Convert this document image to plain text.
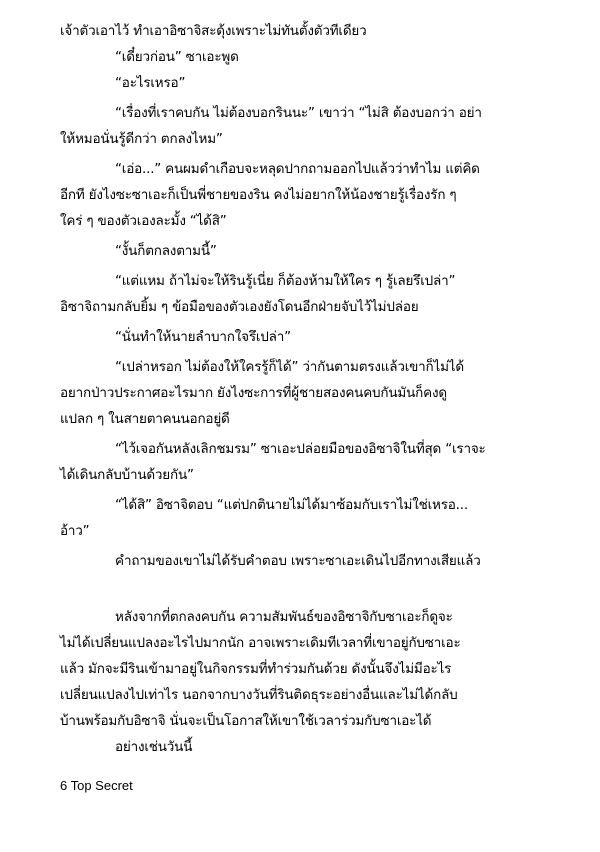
เจ้าตัวเอาไว้ ทำเอาอิซาจิสะดุ้งเพราะไม่ทันตั้งตัวทีเดียว
“เดี๋ยวก่อน” ซาเอะพูด
“อะไรเหรอ”
“เรื่องที่เราคบกัน ไม่ต้องบอกรินนะ” เขาว่า “ไม่สิ ต้องบอกว่า อย่า
ให้หมอนั่นรู้ดีกว่า ตกลงไหม”
“เอ่อ...” คนผมดำเกือบจะหลุดปากถามออกไปแล้วว่าทำไม แต่คิด
อีกที ยังไงซะซาเอะก็เป็นพี่ชายของริน คงไม่อยากให้น้องชายรู้เรื่องรัก ๆ
ใคร่ ๆ ของตัวเองละมั้ง “ได้สิ”
“งั้นก็ตกลงตามนี้”
“แต่แหม ถ้าไม่จะให้รินรู้เนี่ย ก็ต้องห้ามให้ใคร ๆ รู้เลยรึเปล่า”
อิซาจิถามกลับยิ้ม ๆ ข้อมือของตัวเองยังโดนอีกฝ่ายจับไว้ไม่ปล่อย
“นั่นทำให้นายลำบากใจรึเปล่า”
“เปล่าหรอก ไม่ต้องให้ใครรู้ก็ได้” ว่ากันตามตรงแล้วเขาก็ไม่ได้
อยากป่าวประกาศอะไรมาก ยังไงซะการที่ผู้ชายสองคนคบกันมันก็คงดู
แปลก ๆ ในสายตาคนนอกอยู่ดี
“ไว้เจอกันหลังเลิกชมรม” ซาเอะปล่อยมือของอิซาจิในที่สุด “เราจะ
ได้เดินกลับบ้านด้วยกัน”
“ได้สิ” อิซาจิตอบ “แต่ปกตินายไม่ได้มาซ้อมกับเราไม่ใช่เหรอ...
อ้าว”
คำถามของเขาไม่ได้รับคำตอบ เพราะซาเอะเดินไปอีกทางเสียแล้ว
หลังจากที่ตกลงคบกัน ความสัมพันธ์ของอิซาจิกับซาเอะก็ดูจะ
ไม่ได้เปลี่ยนแปลงอะไรไปมากนัก อาจเพราะเดิมทีเวลาที่เขาอยู่กับซาเอะ
แล้ว มักจะมีรินเข้ามาอยู่ในกิจกรรมที่ทำร่วมกันด้วย ดังนั้นจึงไม่มีอะไร
เปลี่ยนแปลงไปเท่าไร นอกจากบางวันที่รินติดธุระอย่างอื่นและไม่ได้กลับ
บ้านพร้อมกับอิซาจิ นั่นจะเป็นโอกาสให้เขาใช้เวลาร่วมกับซาเอะได้
อย่างเช่นวันนี้
6 Top Secret
